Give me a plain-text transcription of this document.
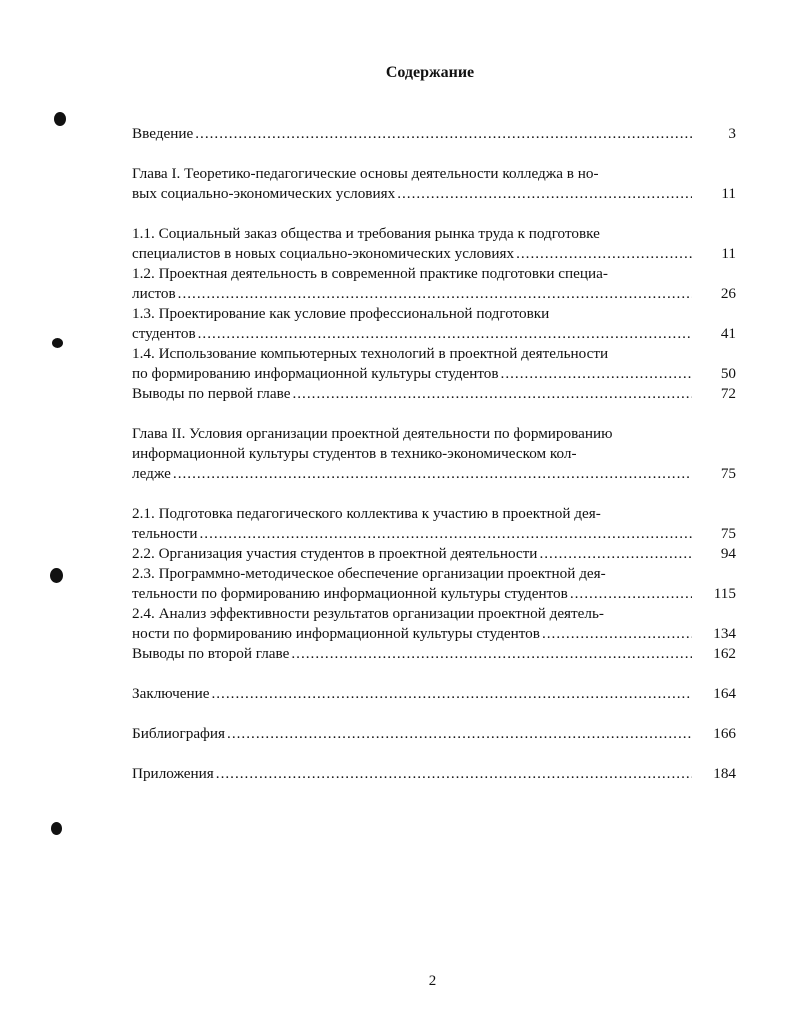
Содержание
Введение .....	3
Глава I. Теоретико-педагогические основы деятельности колледжа в но-
вых социально-экономических условиях .....	11
1.1. Социальный заказ общества и требования рынка труда к подготовке
специалистов в новых социально-экономических условиях .....	11
1.2. Проектная деятельность в современной практике подготовки специа-
листов .....	26
1.3. Проектирование как условие профессиональной подготовки
студентов .....	41
1.4. Использование компьютерных технологий в проектной деятельности
по формированию информационной культуры студентов .....	50
Выводы по первой главе .....	72
Глава II. Условия организации проектной деятельности по формированию
информационной культуры студентов в технико-экономическом кол-
ледже .....	75
2.1. Подготовка педагогического коллектива к участию в проектной дея-
тельности .....	75
2.2. Организация участия студентов в проектной деятельности .....	94
2.3. Программно-методическое обеспечение организации проектной дея-
тельности по формированию информационной культуры студентов .....	115
2.4. Анализ эффективности результатов организации проектной деятель-
ности по формированию информационной культуры студентов .....	134
Выводы по второй главе .....	162
Заключение .....	164
Библиография .....	166
Приложения .....	184
2
